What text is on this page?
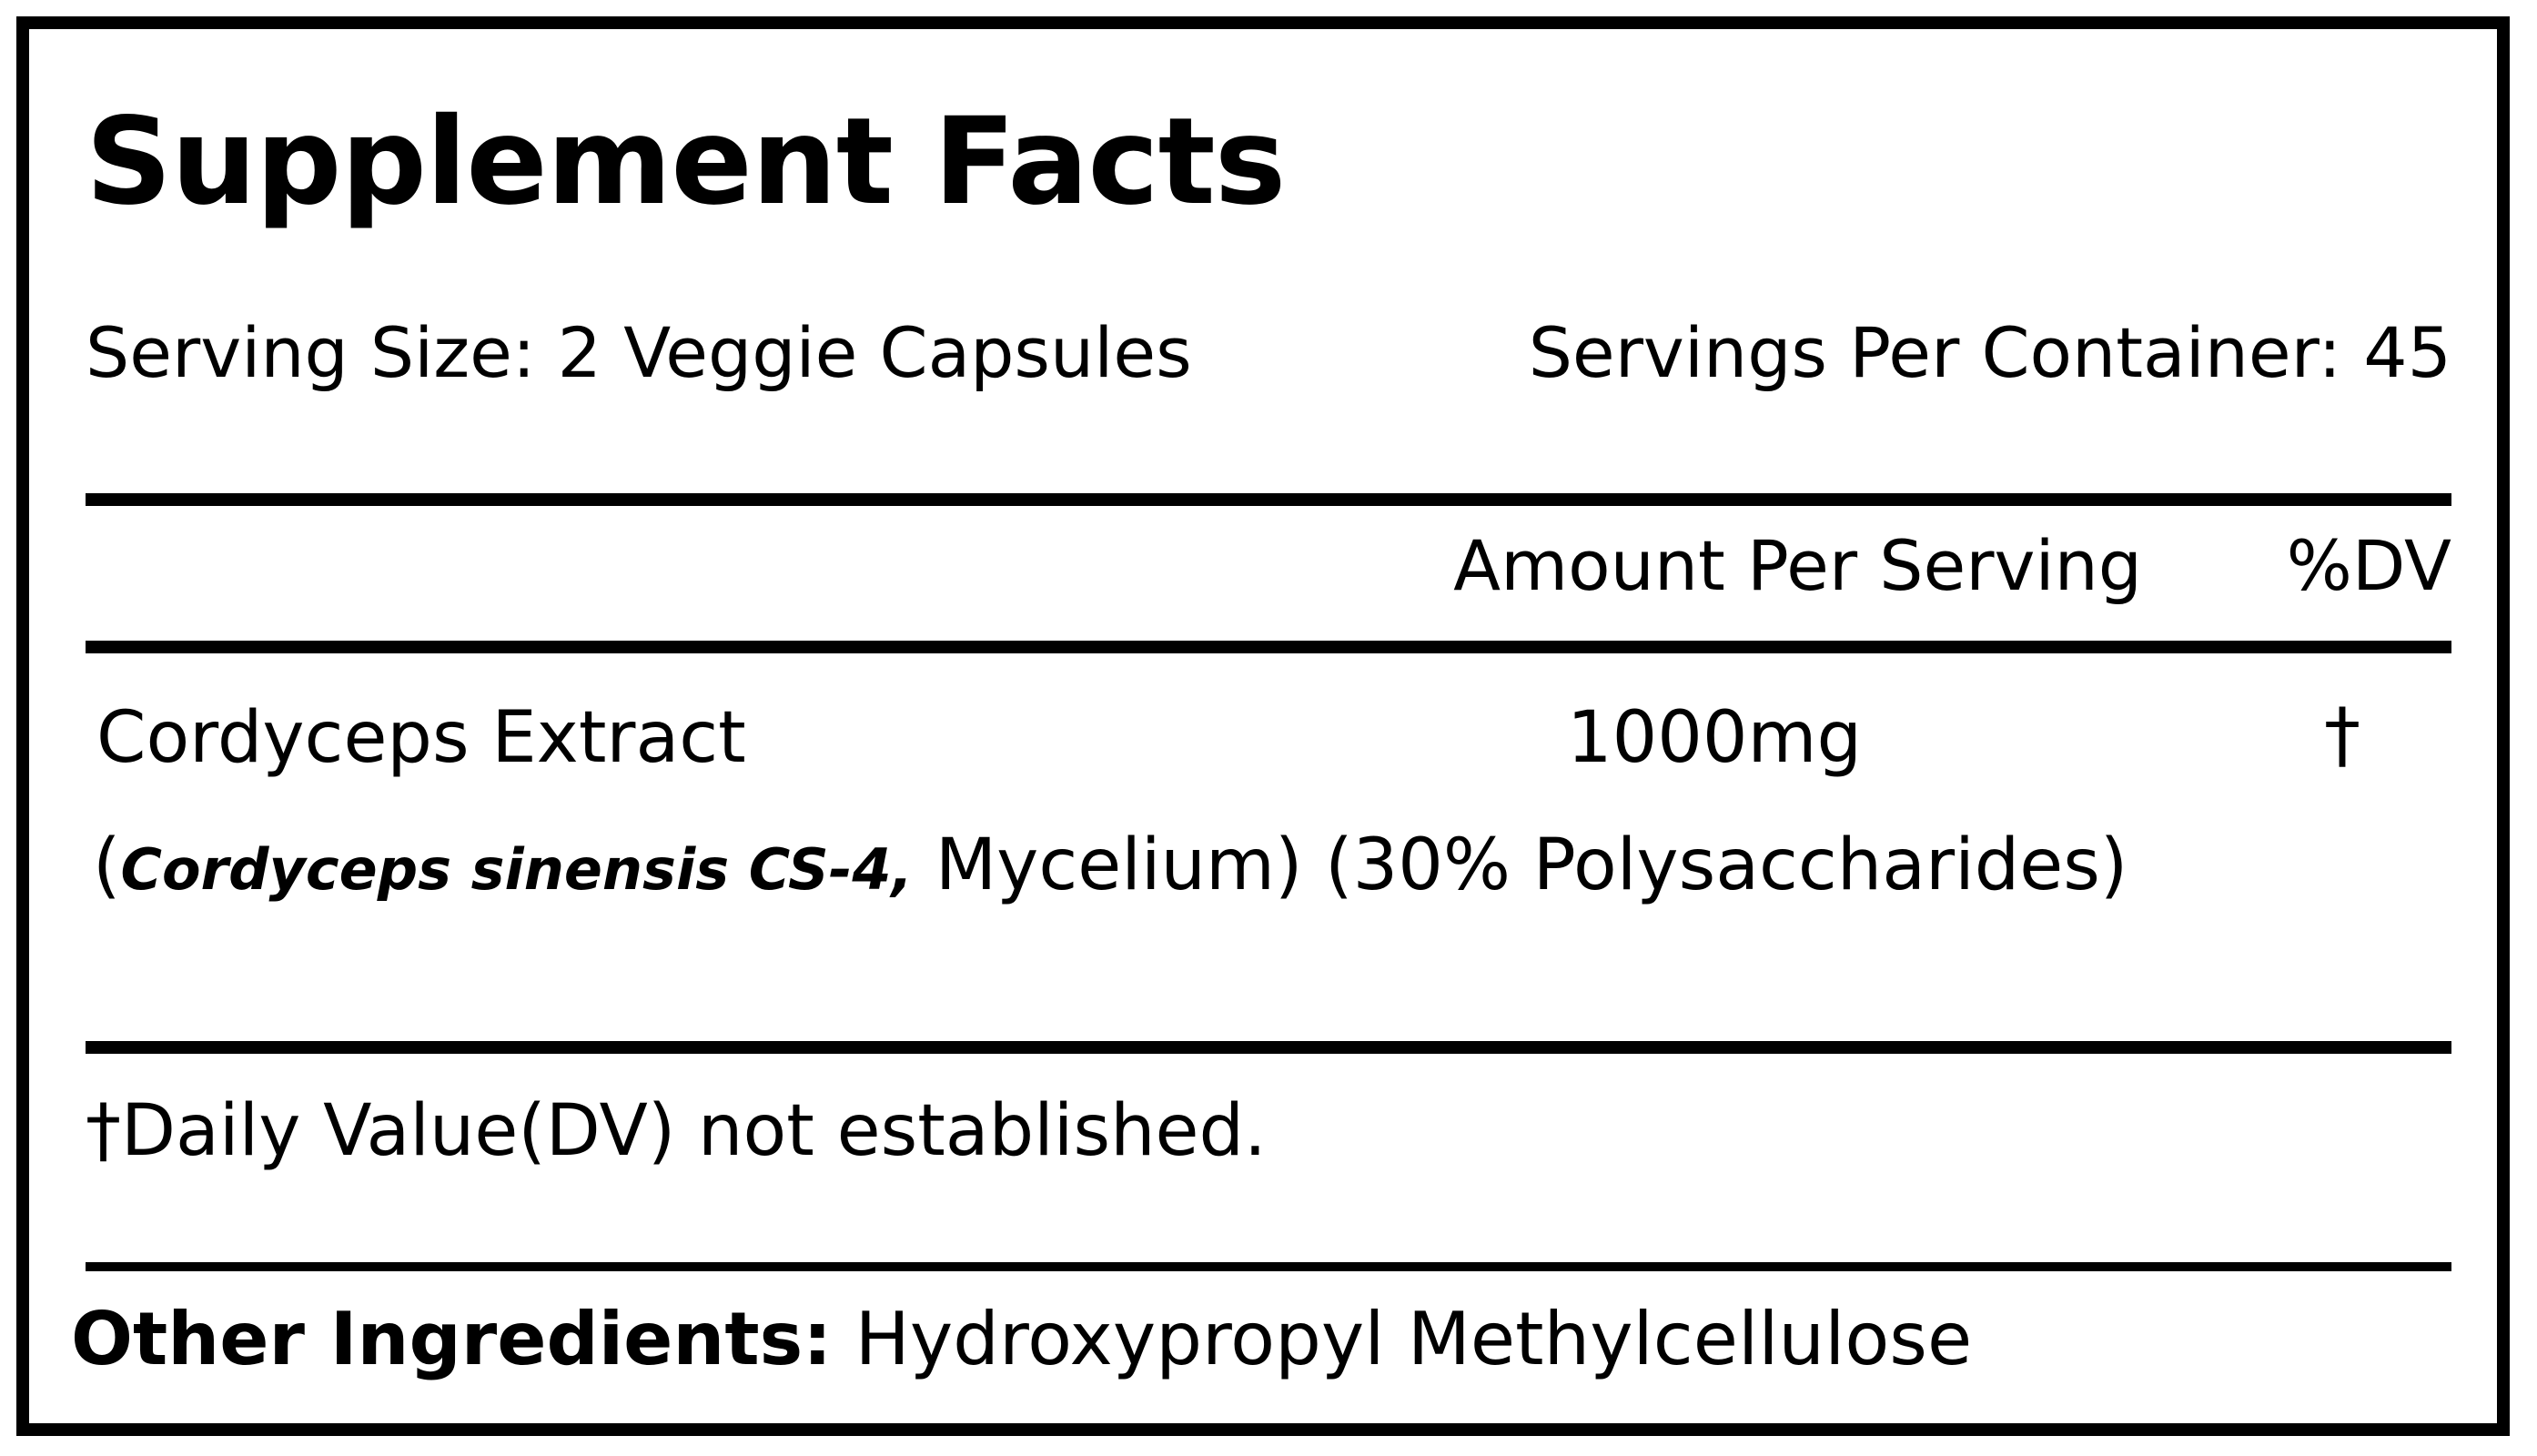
Supplement Facts
Serving Size: 2 Veggie Capsules	Servings Per Container: 45
Amount Per Serving	%DV
Cordyceps Extract	1000mg	†
(Cordyceps sinensis CS-4, Mycelium) (30% Polysaccharides)
†Daily Value(DV) not established.
Other Ingredients: Hydroxypropyl Methylcellulose
